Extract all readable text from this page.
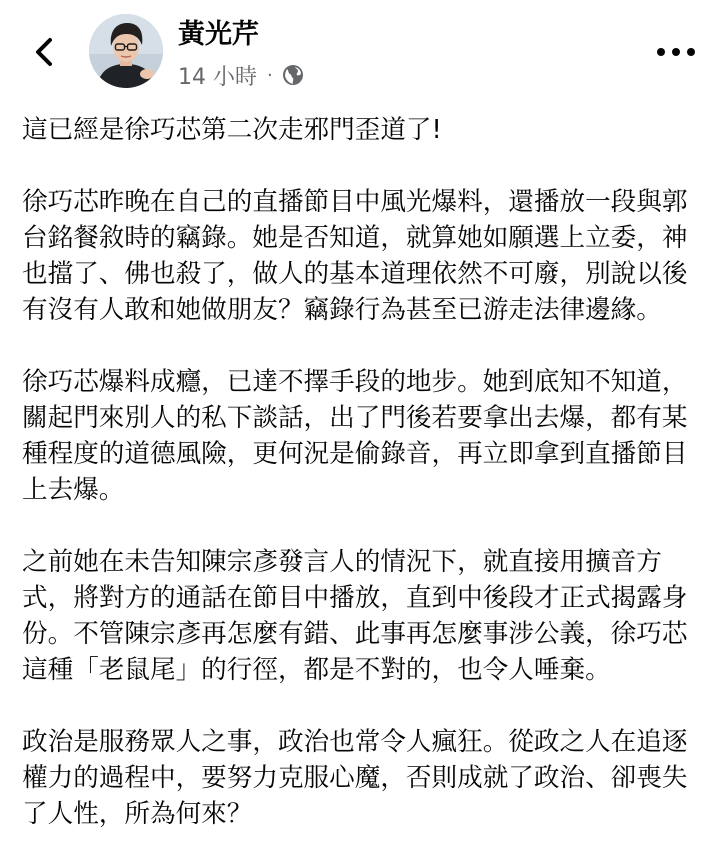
黃光芹
14 小時 ·

這已經是徐巧芯第二次走邪門歪道了!

徐巧芯昨晚在自己的直播節目中風光爆料，還播放一段與郭台銘餐敘時的竊錄。她是否知道，就算她如願選上立委，神也擋了、佛也殺了，做人的基本道理依然不可廢，別說以後有沒有人敢和她做朋友？竊錄行為甚至已游走法律邊緣。

徐巧芯爆料成癮，已達不擇手段的地步。她到底知不知道，關起門來別人的私下談話，出了門後若要拿出去爆，都有某種程度的道德風險，更何況是偷錄音，再立即拿到直播節目上去爆。

之前她在未告知陳宗彥發言人的情況下，就直接用擴音方式，將對方的通話在節目中播放，直到中後段才正式揭露身份。不管陳宗彥再怎麼有錯、此事再怎麼事涉公義，徐巧芯這種「老鼠尾」的行徑，都是不對的，也令人唾棄。

政治是服務眾人之事，政治也常令人瘋狂。從政之人在追逐權力的過程中，要努力克服心魔，否則成就了政治、卻喪失了人性，所為何來？
